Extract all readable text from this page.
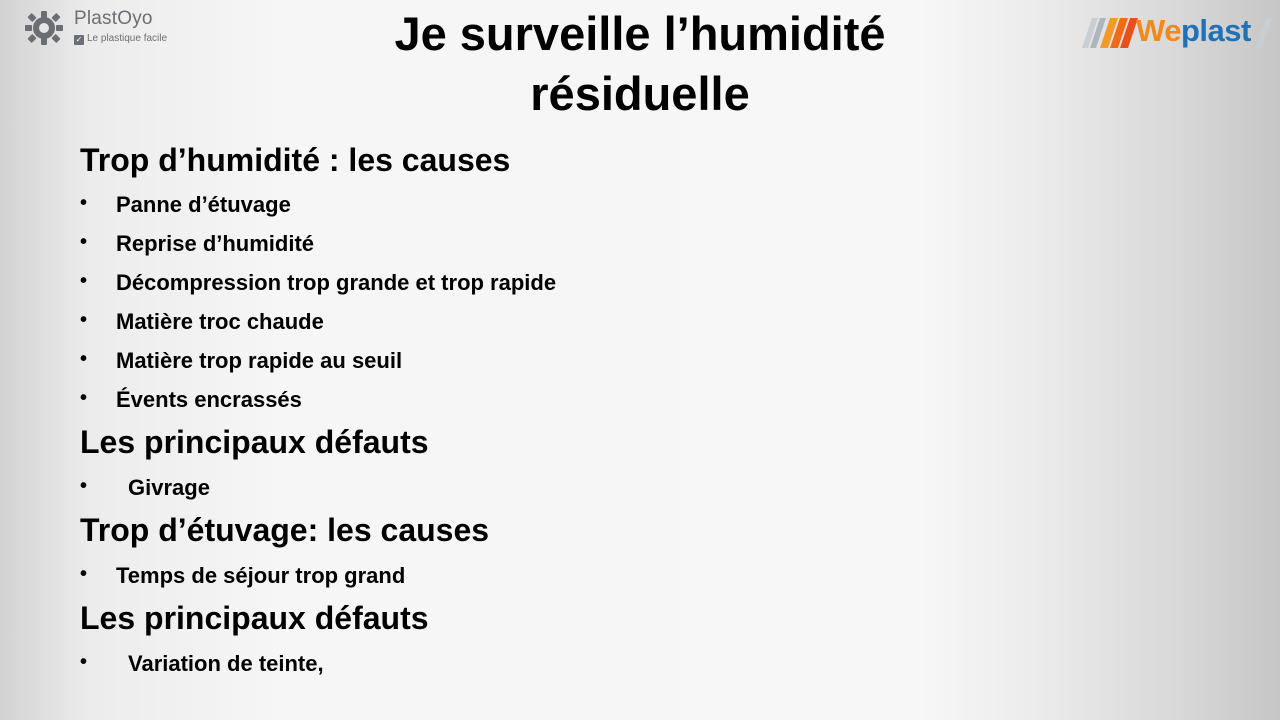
PlastOyo
✓ Le plastique facile	Weplast
Je surveille l’humidité
résiduelle
Trop d’humidité : les causes
• Panne d’étuvage
• Reprise d’humidité
• Décompression trop grande et trop rapide
• Matière troc chaude
• Matière trop rapide au seuil
• Évents encrassés
Les principaux défauts
• Givrage
Trop d’étuvage: les causes
• Temps de séjour trop grand
Les principaux défauts
• Variation de teinte,
